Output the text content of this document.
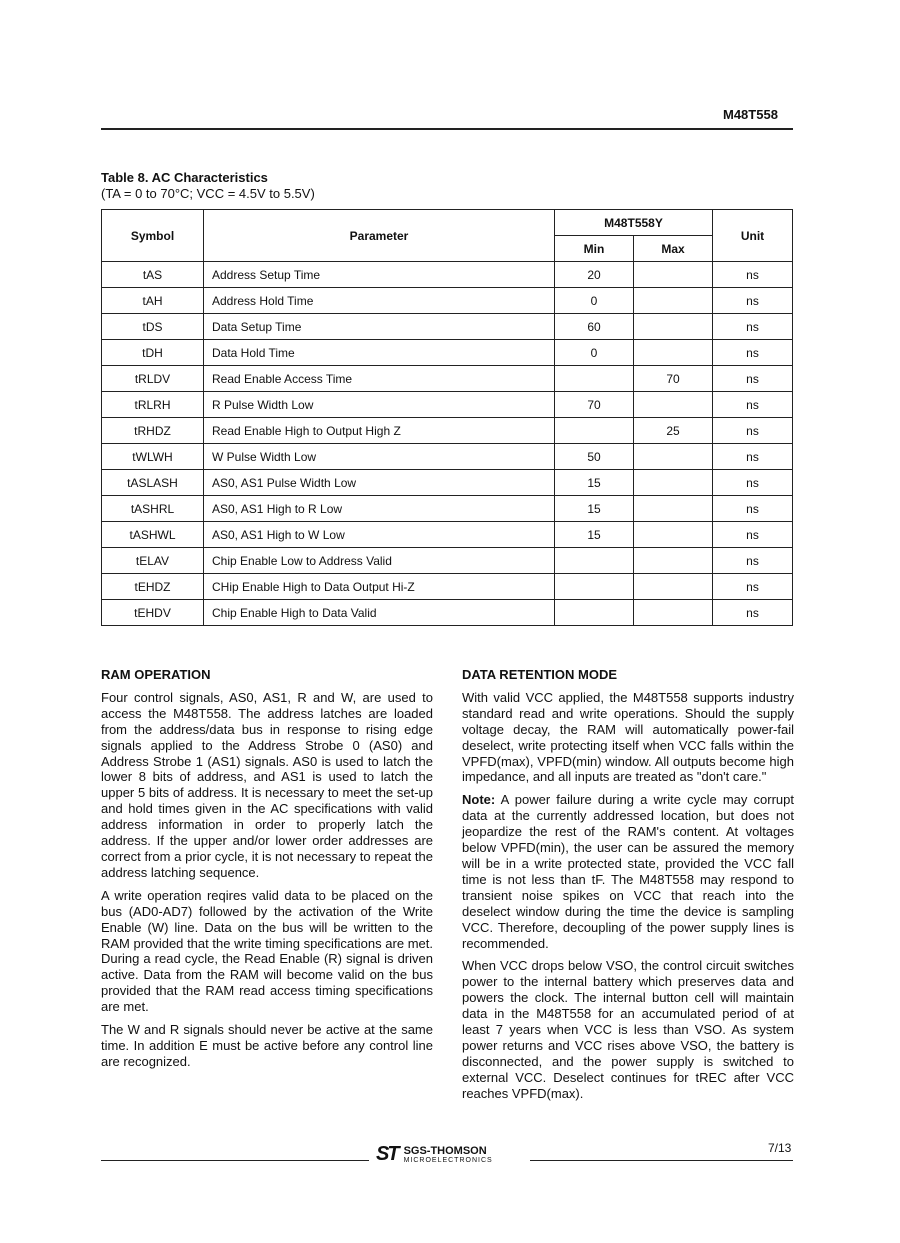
M48T558
Table 8. AC Characteristics
(TA = 0 to 70°C; VCC = 4.5V to 5.5V)
Symbol	Parameter	M48T558Y		Unit
		Min	Max	
tAS	Address Setup Time	20		ns
tAH	Address Hold Time	0		ns
tDS	Data Setup Time	60		ns
tDH	Data Hold Time	0		ns
tRLDV	Read Enable Access Time		70	ns
tRLRH	R Pulse Width Low	70		ns
tRHDZ	Read Enable High to Output High Z		25	ns
tWLWH	W Pulse Width Low	50		ns
tASLASH	AS0, AS1 Pulse Width Low	15		ns
tASHRL	AS0, AS1 High to R Low	15		ns
tASHWL	AS0, AS1 High to W Low	15		ns
tELAV	Chip Enable Low to Address Valid			ns
tEHDZ	CHip Enable High to Data Output Hi-Z			ns
tEHDV	Chip Enable High to Data Valid			ns
RAM OPERATION

Four control signals, AS0, AS1, R and W, are used to access the M48T558. The address latches are loaded from the address/data bus in response to rising edge signals applied to the Address Strobe 0 (AS0) and Address Strobe 1 (AS1) signals. AS0 is used to latch the lower 8 bits of address, and AS1 is used to latch the upper 5 bits of address. It is necessary to meet the set-up and hold times given in the AC specifications with valid address information in order to properly latch the address. If the upper and/or lower order addresses are correct from a prior cycle, it is not necessary to repeat the address latching sequence.

A write operation reqires valid data to be placed on the bus (AD0-AD7) followed by the activation of the Write Enable (W) line. Data on the bus will be written to the RAM provided that the write timing specifications are met. During a read cycle, the Read Enable (R) signal is driven active. Data from the RAM will become valid on the bus provided that the RAM read access timing specifications are met.

The W and R signals should never be active at the same time. In addition E must be active before any control line are recognized.

DATA RETENTION MODE

With valid VCC applied, the M48T558 supports industry standard read and write operations. Should the supply voltage decay, the RAM will automatically power-fail deselect, write protecting itself when VCC falls within the VPFD(max), VPFD(min) window. All outputs become high impedance, and all inputs are treated as "don't care."

Note: A power failure during a write cycle may corrupt data at the currently addressed location, but does not jeopardize the rest of the RAM's content. At voltages below VPFD(min), the user can be assured the memory will be in a write protected state, provided the VCC fall time is not less than tF. The M48T558 may respond to transient noise spikes on VCC that reach into the deselect window during the time the device is sampling VCC. Therefore, decoupling of the power supply lines is recommended.

When VCC drops below VSO, the control circuit switches power to the internal battery which preserves data and powers the clock. The internal button cell will maintain data in the M48T558 for an accumulated period of at least 7 years when VCC is less than VSO. As system power returns and VCC rises above VSO, the battery is disconnected, and the power supply is switched to external VCC. Deselect continues for tREC after VCC reaches VPFD(max).

ST SGS-THOMSON
MICROELECTRONICS
7/13
